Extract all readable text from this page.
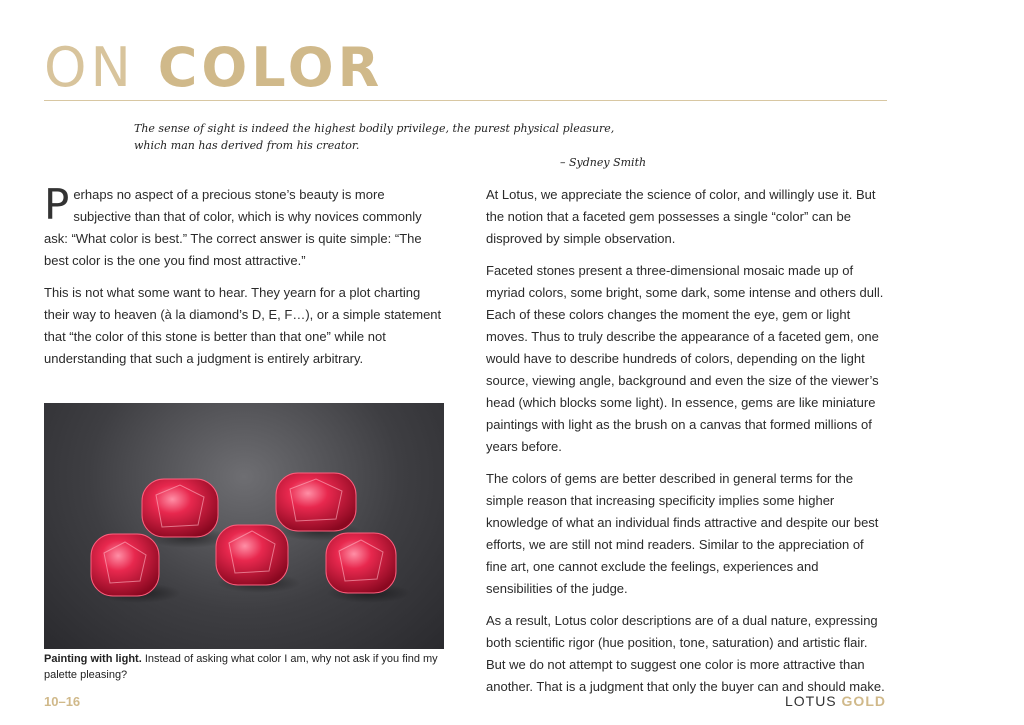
ON COLOR
The sense of sight is indeed the highest bodily privilege, the purest physical pleasure, which man has derived from his creator.
– Sydney Smith

Perhaps no aspect of a precious stone’s beauty is more subjective than that of color, which is why novices commonly ask: “What color is best.” The correct answer is quite simple: “The best color is the one you find most attractive.”

This is not what some want to hear. They yearn for a plot charting their way to heaven (à la diamond’s D, E, F…), or a simple statement that “the color of this stone is better than that one” while not understanding that such a judgment is entirely arbitrary.

Painting with light. Instead of asking what color I am, why not ask if you find my palette pleasing?

At Lotus, we appreciate the science of color, and willingly use it. But the notion that a faceted gem possesses a single “color” can be disproved by simple observation.

Faceted stones present a three-dimensional mosaic made up of myriad colors, some bright, some dark, some intense and others dull. Each of these colors changes the moment the eye, gem or light moves. Thus to truly describe the appearance of a faceted gem, one would have to describe hundreds of colors, depending on the light source, viewing angle, background and even the size of the viewer’s head (which blocks some light). In essence, gems are like miniature paintings with light as the brush on a canvas that formed millions of years before.

The colors of gems are better described in general terms for the simple reason that increasing specificity implies some higher knowledge of what an individual finds attractive and despite our best efforts, we are still not mind readers. Similar to the appreciation of fine art, one cannot exclude the feelings, experiences and sensibilities of the judge.

As a result, Lotus color descriptions are of a dual nature, expressing both scientific rigor (hue position, tone, saturation) and artistic flair. But we do not attempt to suggest one color is more attractive than another. That is a judgment that only the buyer can and should make.

10–16	LOTUS GOLD
